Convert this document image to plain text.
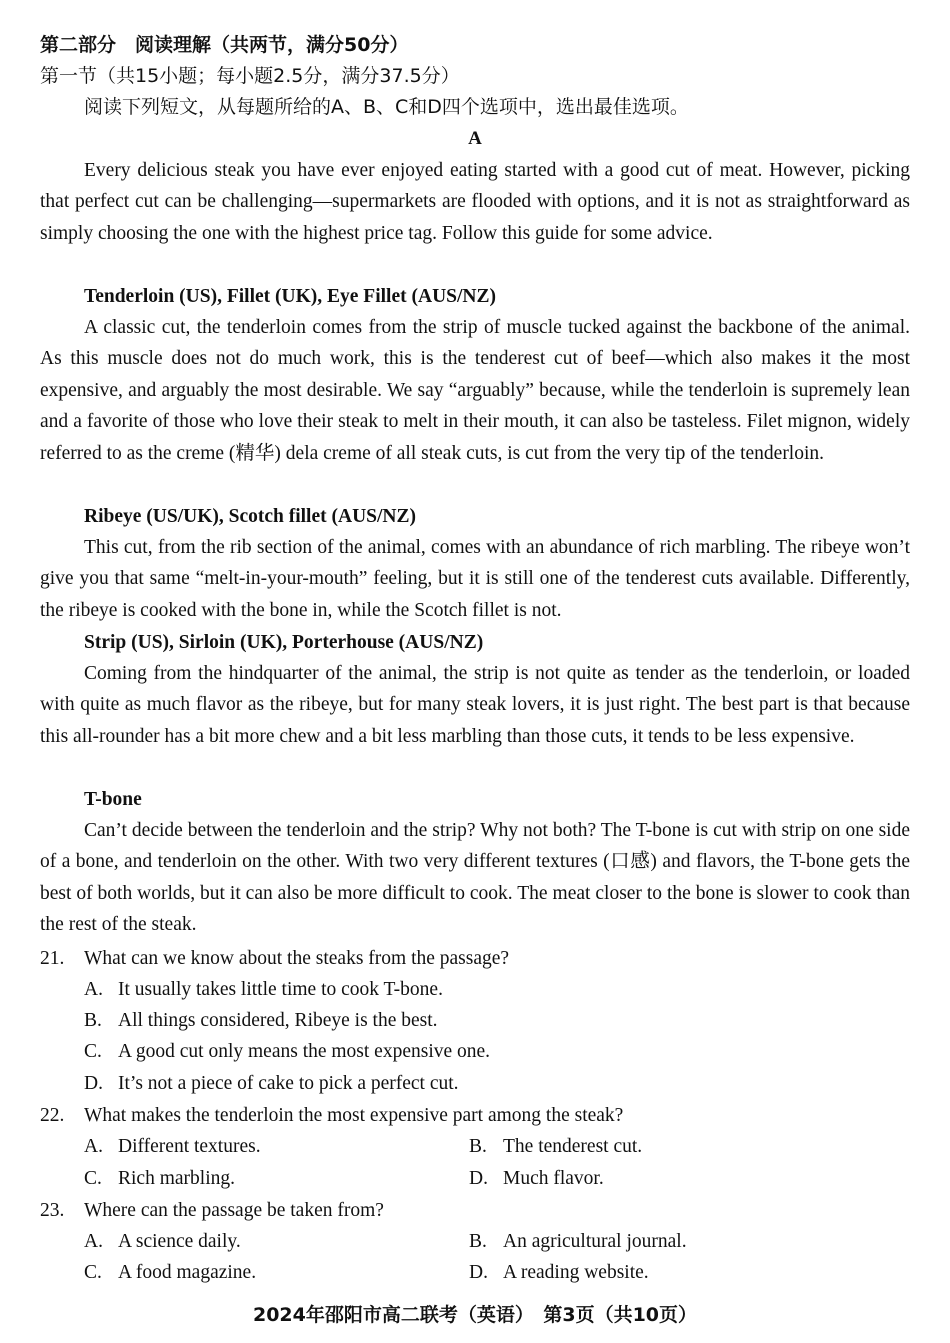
第二部分　阅读理解（共两节，满分50分）
第一节（共15小题；每小题2.5分，满分37.5分）
阅读下列短文，从每题所给的A、B、C和D四个选项中，选出最佳选项。
A
Every delicious steak you have ever enjoyed eating started with a good cut of meat. However, picking that perfect cut can be challenging—supermarkets are flooded with options, and it is not as straightforward as simply choosing the one with the highest price tag. Follow this guide for some advice.
Tenderloin (US), Fillet (UK), Eye Fillet (AUS/NZ)
A classic cut, the tenderloin comes from the strip of muscle tucked against the backbone of the animal. As this muscle does not do much work, this is the tenderest cut of beef—which also makes it the most expensive, and arguably the most desirable. We say “arguably” because, while the tenderloin is supremely lean and a favorite of those who love their steak to melt in their mouth, it can also be tasteless. Filet mignon, widely referred to as the creme (精华) dela creme of all steak cuts, is cut from the very tip of the tenderloin.
Ribeye (US/UK), Scotch fillet (AUS/NZ)
This cut, from the rib section of the animal, comes with an abundance of rich marbling. The ribeye won’t give you that same “melt-in-your-mouth” feeling, but it is still one of the tenderest cuts available. Differently, the ribeye is cooked with the bone in, while the Scotch fillet is not.
Strip (US), Sirloin (UK), Porterhouse (AUS/NZ)
Coming from the hindquarter of the animal, the strip is not quite as tender as the tenderloin, or loaded with quite as much flavor as the ribeye, but for many steak lovers, it is just right. The best part is that because this all-rounder has a bit more chew and a bit less marbling than those cuts, it tends to be less expensive.
T-bone
Can’t decide between the tenderloin and the strip? Why not both? The T-bone is cut with strip on one side of a bone, and tenderloin on the other. With two very different textures (口感) and flavors, the T-bone gets the best of both worlds, but it can also be more difficult to cook. The meat closer to the bone is slower to cook than the rest of the steak.
21. What can we know about the steaks from the passage?
A. It usually takes little time to cook T-bone.
B. All things considered, Ribeye is the best.
C. A good cut only means the most expensive one.
D. It’s not a piece of cake to pick a perfect cut.
22. What makes the tenderloin the most expensive part among the steak?
A. Different textures.	B. The tenderest cut.
C. Rich marbling.	D. Much flavor.
23. Where can the passage be taken from?
A. A science daily.	B. An agricultural journal.
C. A food magazine.	D. A reading website.
2024年邵阳市高二联考（英语）　第3页（共10页）
